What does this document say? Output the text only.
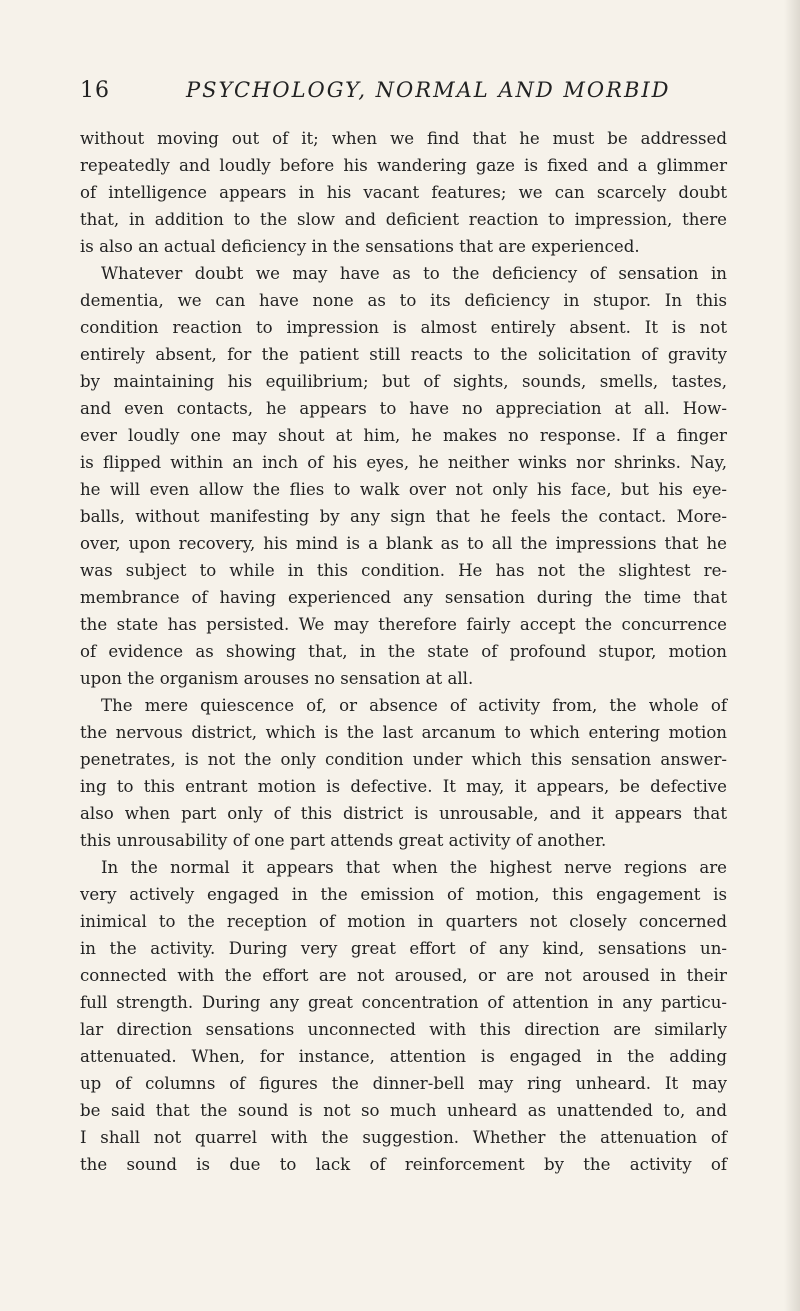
16	PSYCHOLOGY, NORMAL AND MORBID
without moving out of it; when we find that he must be addressed
repeatedly and loudly before his wandering gaze is fixed and a glimmer
of intelligence appears in his vacant features; we can scarcely doubt
that, in addition to the slow and deficient reaction to impression, there
is also an actual deficiency in the sensations that are experienced.
Whatever doubt we may have as to the deficiency of sensation in
dementia, we can have none as to its deficiency in stupor. In this
condition reaction to impression is almost entirely absent. It is not
entirely absent, for the patient still reacts to the solicitation of gravity
by maintaining his equilibrium; but of sights, sounds, smells, tastes,
and even contacts, he appears to have no appreciation at all. How-
ever loudly one may shout at him, he makes no response. If a finger
is flipped within an inch of his eyes, he neither winks nor shrinks. Nay,
he will even allow the flies to walk over not only his face, but his eye-
balls, without manifesting by any sign that he feels the contact. More-
over, upon recovery, his mind is a blank as to all the impressions that he
was subject to while in this condition. He has not the slightest re-
membrance of having experienced any sensation during the time that
the state has persisted. We may therefore fairly accept the concurrence
of evidence as showing that, in the state of profound stupor, motion
upon the organism arouses no sensation at all.
The mere quiescence of, or absence of activity from, the whole of
the nervous district, which is the last arcanum to which entering motion
penetrates, is not the only condition under which this sensation answer-
ing to this entrant motion is defective. It may, it appears, be defective
also when part only of this district is unrousable, and it appears that
this unrousability of one part attends great activity of another.
In the normal it appears that when the highest nerve regions are
very actively engaged in the emission of motion, this engagement is
inimical to the reception of motion in quarters not closely concerned
in the activity. During very great effort of any kind, sensations un-
connected with the effort are not aroused, or are not aroused in their
full strength. During any great concentration of attention in any particu-
lar direction sensations unconnected with this direction are similarly
attenuated. When, for instance, attention is engaged in the adding
up of columns of figures the dinner-bell may ring unheard. It may
be said that the sound is not so much unheard as unattended to, and
I shall not quarrel with the suggestion. Whether the attenuation of
the sound is due to lack of reinforcement by the activity of
